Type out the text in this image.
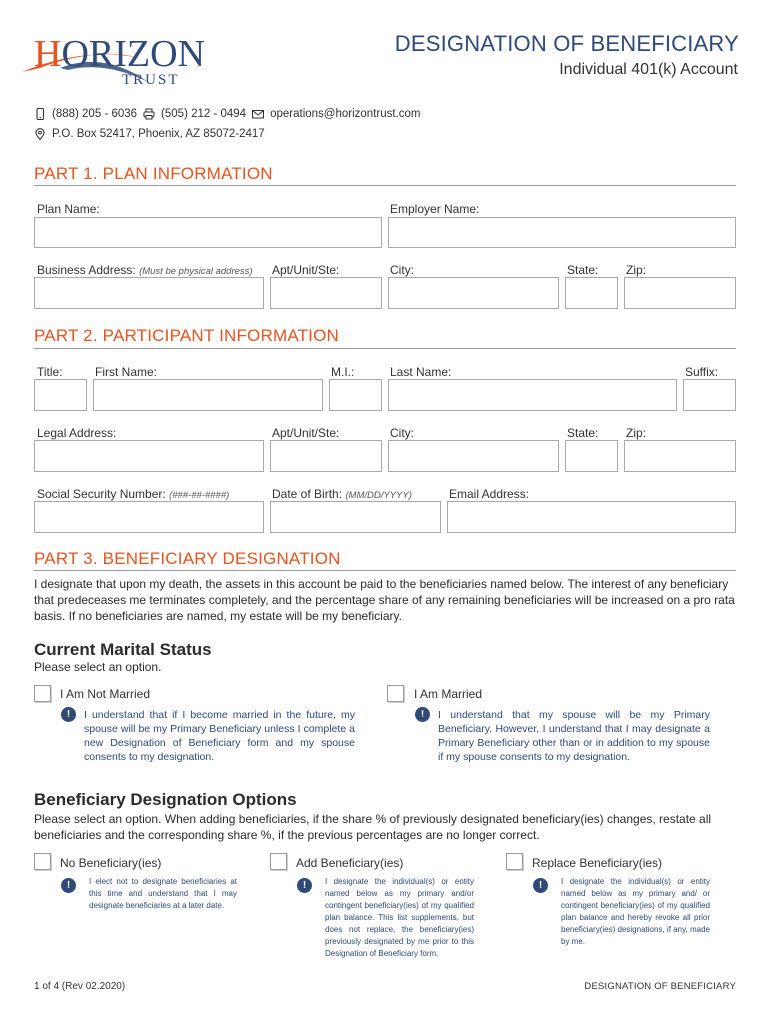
HORIZON
TRUST
DESIGNATION OF BENEFICIARY
Individual 401(k) Account
(888) 205 - 6036 (505) 212 - 0494 operations@horizontrust.com
P.O. Box 52417, Phoenix, AZ 85072-2417
PART 1. PLAN INFORMATION
Plan Name:	Employer Name:
Business Address: (Must be physical address) Apt/Unit/Ste:	City:	State: Zip:
PART 2. PARTICIPANT INFORMATION
Title:	First Name:	M.I.:	Last Name:	Suffix:
Legal Address:	Apt/Unit/Ste:	City:	State: Zip:
Social Security Number: (###-##-####)	Date of Birth: (MM/DD/YYYY)	Email Address:
PART 3. BENEFICIARY DESIGNATION
I designate that upon my death, the assets in this account be paid to the beneficiaries named below. The interest of any beneficiary that predeceases me terminates completely, and the percentage share of any remaining beneficiaries will be increased on a pro rata basis. If no beneficiaries are named, my estate will be my beneficiary.
Current Marital Status
Please select an option.
I Am Not Married
!	I understand that if I become married in the future, my spouse will be my Primary Beneficiary unless I complete a new Designation of Beneficiary form and my spouse consents to my designation.
I Am Married
!	I understand that my spouse will be my Primary Beneficiary. However, I understand that I may designate a Primary Beneficiary other than or in addition to my spouse if my spouse consents to my designation.
Beneficiary Designation Options
Please select an option. When adding beneficiaries, if the share % of previously designated beneficiary(ies) changes, restate all beneficiaries and the corresponding share %, if the previous percentages are no longer correct.
No Beneficiary(ies)
!	I elect not to designate beneficiaries at this time and understand that I may designate beneficiaries at a later date.
Add Beneficiary(ies)
!	I designate the individual(s) or entity named below as my primary and/or contingent beneficiary(ies) of my qualified plan balance. This list supplements, but does not replace, the beneficiary(ies) previously designated by me prior to this Designation of Beneficiary form.
Replace Beneficiary(ies)
!	I designate the individual(s) or entity named below as my primary and/ or contingent beneficiary(ies) of my qualified plan balance and hereby revoke all prior beneficiary(ies) designations, if any, made by me.
1 of 4 (Rev 02.2020)	DESIGNATION OF BENEFICIARY
